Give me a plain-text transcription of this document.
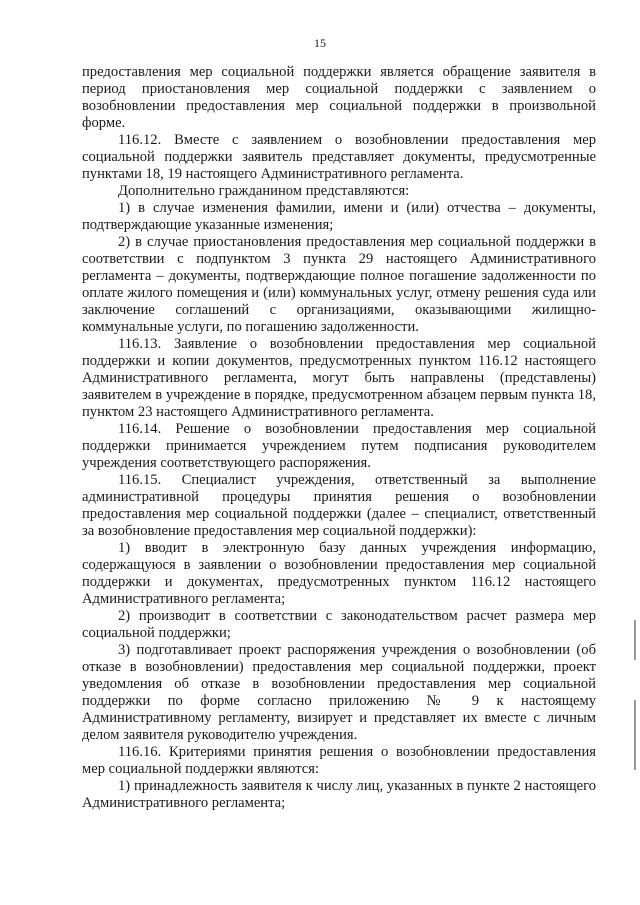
15

предоставления мер социальной поддержки является обращение заявителя в период приостановления мер социальной поддержки с заявлением о возобновлении предоставления мер социальной поддержки в произвольной форме.

116.12. Вместе с заявлением о возобновлении предоставления мер социальной поддержки заявитель представляет документы, предусмотренные пунктами 18, 19 настоящего Административного регламента.

Дополнительно гражданином представляются:

1) в случае изменения фамилии, имени и (или) отчества – документы, подтверждающие указанные изменения;

2) в случае приостановления предоставления мер социальной поддержки в соответствии с подпунктом 3 пункта 29 настоящего Административного регламента – документы, подтверждающие полное погашение задолженности по оплате жилого помещения и (или) коммунальных услуг, отмену решения суда или заключение соглашений с организациями, оказывающими жилищно-коммунальные услуги, по погашению задолженности.

116.13. Заявление о возобновлении предоставления мер социальной поддержки и копии документов, предусмотренных пунктом 116.12 настоящего Административного регламента, могут быть направлены (представлены) заявителем в учреждение в порядке, предусмотренном абзацем первым пункта 18, пунктом 23 настоящего Административного регламента.

116.14. Решение о возобновлении предоставления мер социальной поддержки принимается учреждением путем подписания руководителем учреждения соответствующего распоряжения.

116.15. Специалист учреждения, ответственный за выполнение административной процедуры принятия решения о возобновлении предоставления мер социальной поддержки (далее – специалист, ответственный за возобновление предоставления мер социальной поддержки):

1) вводит в электронную базу данных учреждения информацию, содержащуюся в заявлении о возобновлении предоставления мер социальной поддержки и документах, предусмотренных пунктом 116.12 настоящего Административного регламента;

2) производит в соответствии с законодательством расчет размера мер социальной поддержки;

3) подготавливает проект распоряжения учреждения о возобновлении (об отказе в возобновлении) предоставления мер социальной поддержки, проект уведомления об отказе в возобновлении предоставления мер социальной поддержки по форме согласно приложению № 9 к настоящему Административному регламенту, визирует и представляет их вместе с личным делом заявителя руководителю учреждения.

116.16. Критериями принятия решения о возобновлении предоставления мер социальной поддержки являются:

1) принадлежность заявителя к числу лиц, указанных в пункте 2 настоящего Административного регламента;
